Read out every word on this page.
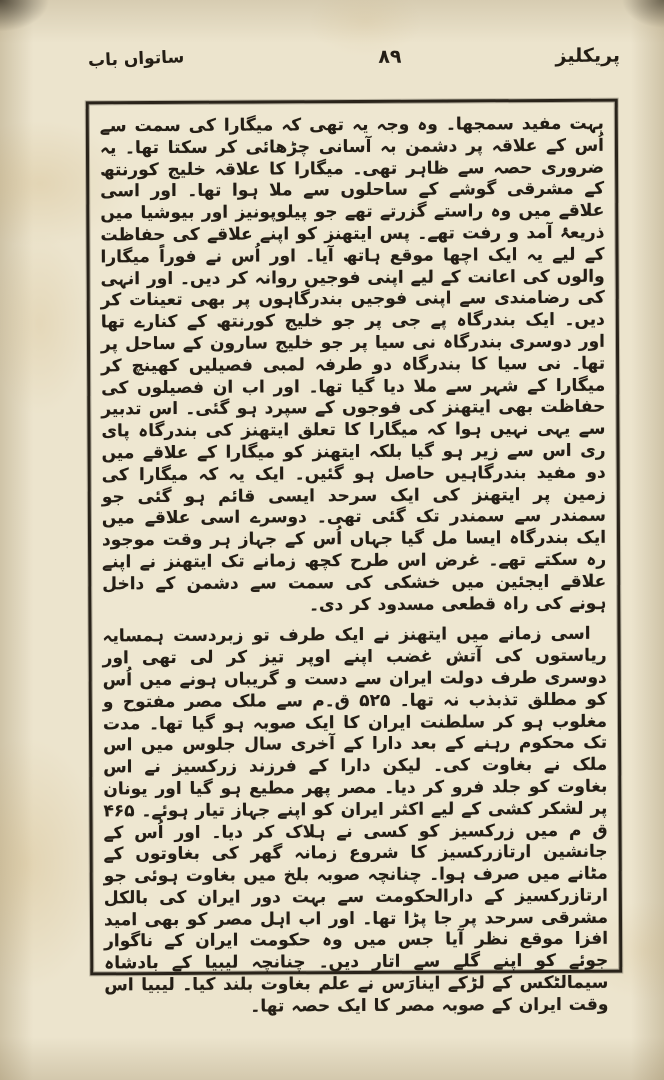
پریکلیز
۸۹
ساتواں باب

بہت مفید سمجھا۔ وہ وجہ یہ تھی کہ میگارا کی سمت سے اُس کے علاقہ پر دشمن بہ آسانی چڑھائی کر سکتا تھا۔ یہ ضروری حصہ سے ظاہر تھی۔ میگارا کا علاقہ خلیج کورنتھ کے مشرقی گوشے کے ساحلوں سے ملا ہوا تھا۔ اور اسی علاقے میں وہ راستے گزرتے تھے جو پیلوپونیز اور بیوشیا میں ذریعۂ آمد و رفت تھے۔ پس ایتھنز کو اپنے علاقے کی حفاظت کے لیے یہ ایک اچھا موقع ہاتھ آیا۔ اور اُس نے فوراً میگارا والوں کی اعانت کے لیے اپنی فوجیں روانہ کر دیں۔ اور انہی کی رضامندی سے اپنی فوجیں بندرگاہوں پر بھی تعینات کر دیں۔ ایک بندرگاہ پے جی پر جو خلیج کورنتھ کے کنارے تھا اور دوسری بندرگاہ نی سیا پر جو خلیج سارون کے ساحل پر تھا۔ نی سیا کا بندرگاہ دو طرفہ لمبی فصیلیں کھینچ کر میگارا کے شہر سے ملا دیا گیا تھا۔ اور اب ان فصیلوں کی حفاظت بھی ایتھنز کی فوجوں کے سپرد ہو گئی۔ اس تدبیر سے یہی نہیں ہوا کہ میگارا کا تعلق ایتھنز کی بندرگاہ پای ری اس سے زیر ہو گیا بلکہ ایتھنز کو میگارا کے علاقے میں دو مفید بندرگاہیں حاصل ہو گئیں۔ ایک یہ کہ میگارا کی زمین پر ایتھنز کی ایک سرحد ایسی قائم ہو گئی جو سمندر سے سمندر تک گئی تھی۔ دوسرے اسی علاقے میں ایک بندرگاہ ایسا مل گیا جہاں اُس کے جہاز ہر وقت موجود رہ سکتے تھے۔ غرض اس طرح کچھ زمانے تک ایتھنز نے اپنے علاقے ایجئین میں خشکی کی سمت سے دشمن کے داخل ہونے کی راہ قطعی مسدود کر دی۔

اسی زمانے میں ایتھنز نے ایک طرف تو زبردست ہمسایہ ریاستوں کی آتش غضب اپنے اوپر تیز کر لی تھی اور دوسری طرف دولت ایران سے دست و گریباں ہونے میں اُس کو مطلق تذبذب نہ تھا۔ ۵۲۵ ق۔م سے ملک مصر مفتوح و مغلوب ہو کر سلطنت ایران کا ایک صوبہ ہو گیا تھا۔ مدت تک محکوم رہنے کے بعد دارا کے آخری سال جلوس میں اس ملک نے بغاوت کی۔ لیکن دارا کے فرزند زرکسیز نے اس بغاوت کو جلد فرو کر دیا۔ مصر پھر مطیع ہو گیا اور یونان پر لشکر کشی کے لیے اکثر ایران کو اپنے جہاز تیار ہوئے۔ ۴۶۵ ق م میں زرکسیز کو کسی نے ہلاک کر دیا۔ اور اُس کے جانشین ارتازرکسیز کا شروع زمانہ گھر کی بغاوتوں کے مٹانے میں صرف ہوا۔ چنانچہ صوبہ بلخ میں بغاوت ہوئی جو ارتازرکسیز کے دارالحکومت سے بہت دور ایران کی بالکل مشرقی سرحد پر جا پڑا تھا۔ اور اب اہل مصر کو بھی امید افزا موقع نظر آیا جس میں وہ حکومت ایران کے ناگوار جوئے کو اپنے گلے سے اتار دیں۔ چنانچہ لیبیا کے بادشاہ سیمالٹکس کے لڑکے اینارَس نے علم بغاوت بلند کیا۔ لیبیا اس وقت ایران کے صوبہ مصر کا ایک حصہ تھا۔
